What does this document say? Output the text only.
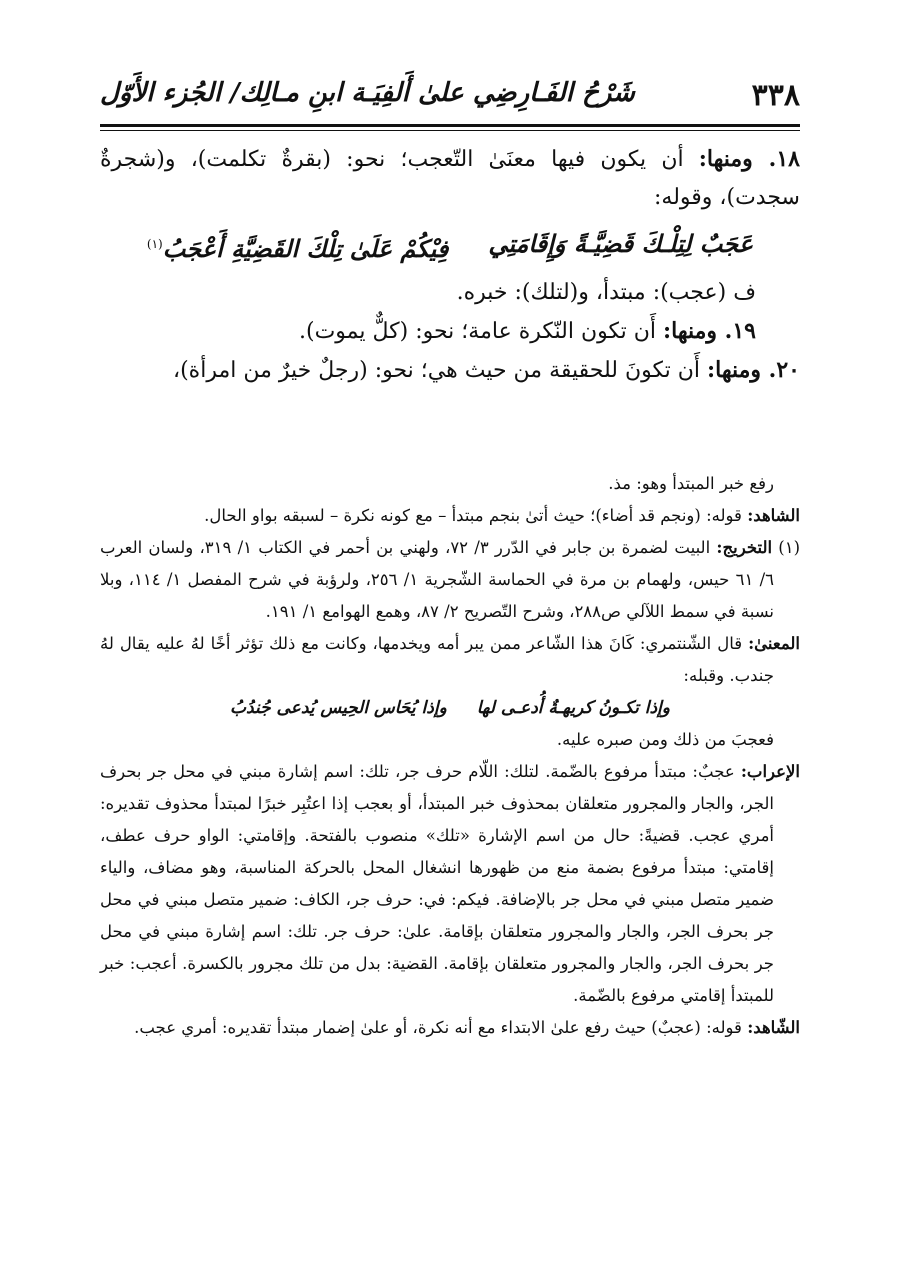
٣٣٨
شَرْحُ الفَـارِضِي علىٰ أَلفِيَـة ابنِ مـالِك/ الجُزء الأَوّل

١٨. ومنها: أن يكون فيها معنَىٰ التّعجب؛ نحو: (بقرةٌ تكلمت)، و(شجرةٌ سجدت)، وقوله:

عَجَبٌ لِتِلْـكَ قَضِيَّـةً وَإِقَامَتِي
فِيْكُمْ عَلَىٰ تِلْكَ القَضِيَّةِ أَعْجَبُ$^{(١)}$

ف (عجب): مبتدأ، و(لتلك): خبره.

١٩. ومنها: أَن تكون النّكرة عامة؛ نحو: (كلٌّ يموت).

٢٠. ومنها: أَن تكونَ للحقيقة من حيث هي؛ نحو: (رجلٌ خيرٌ من امرأة)،

رفع خبر المبتدأ وهو: مذ.

الشاهد: قوله: (ونجم قد أضاء)؛ حيث أتىٰ بنجم مبتدأ – مع كونه نكرة – لسبقه بواو الحال.

(١) التخريج: البيت لضمرة بن جابر في الدّرر ٣/ ٧٢، ولهني بن أحمر في الكتاب ١/ ٣١٩، ولسان العرب ٦/ ٦١ حيس، ولهمام بن مرة في الحماسة الشّجرية ١/ ٢٥٦، ولرؤبة في شرح المفصل ١/ ١١٤، وبلا نسبة في سمط اللآلي ص٢٨٨، وشرح التّصريح ٢/ ٨٧، وهمع الهوامع ١/ ١٩١.

المعنىٰ: قال الشّنتمري: كَانَ هذا الشّاعر ممن يبر أمه ويخدمها، وكانت مع ذلك تؤثر أخًا لهُ عليه يقال لهُ جندب. وقبله:

وإذا تكـونُ كريهـةٌ أُدعـى لها
وإذا يُحَاس الحِيس يُدعى جُندُبُ

فعجبَ من ذلك ومن صبره عليه.

الإعراب: عجبٌ: مبتدأ مرفوع بالضّمة. لتلك: اللّام حرف جر، تلك: اسم إشارة مبني في محل جر بحرف الجر، والجار والمجرور متعلقان بمحذوف خبر المبتدأ، أو بعجب إذا اعتُبِر خبرًا لمبتدأ محذوف تقديره: أمري عجب. قضيةً: حال من اسم الإشارة «تلك» منصوب بالفتحة. وإقامتي: الواو حرف عطف، إقامتي: مبتدأ مرفوع بضمة منع من ظهورها انشغال المحل بالحركة المناسبة، وهو مضاف، والياء ضمير متصل مبني في محل جر بالإضافة. فيكم: في: حرف جر، الكاف: ضمير متصل مبني في محل جر بحرف الجر، والجار والمجرور متعلقان بإقامة. علىٰ: حرف جر. تلك: اسم إشارة مبني في محل جر بحرف الجر، والجار والمجرور متعلقان بإقامة. القضية: بدل من تلك مجرور بالكسرة. أعجب: خبر للمبتدأ إقامتي مرفوع بالضّمة.

الشّاهد: قوله: (عجبٌ) حيث رفع علىٰ الابتداء مع أنه نكرة، أو علىٰ إضمار مبتدأ تقديره: أمري عجب.
